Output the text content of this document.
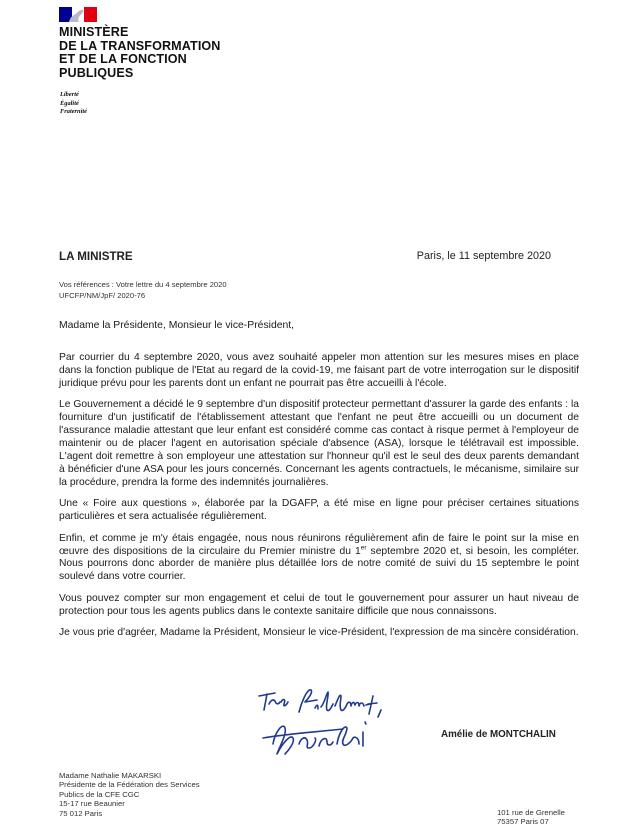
MINISTÈRE
DE LA TRANSFORMATION
ET DE LA FONCTION
PUBLIQUES
Liberté
Égalité
Fraternité
LA MINISTRE	Paris, le 11 septembre 2020
Vos références : Votre lettre du 4 septembre 2020
UFCFP/NM/JpF/ 2020-76
Madame la Présidente, Monsieur le vice-Président,

Par courrier du 4 septembre 2020, vous avez souhaité appeler mon attention sur les mesures mises en place dans la fonction publique de l'Etat au regard de la covid-19, me faisant part de votre interrogation sur le dispositif juridique prévu pour les parents dont un enfant ne pourrait pas être accueilli à l'école.

Le Gouvernement a décidé le 9 septembre d'un dispositif protecteur permettant d'assurer la garde des enfants : la fourniture d'un justificatif de l'établissement attestant que l'enfant ne peut être accueilli ou un document de l'assurance maladie attestant que leur enfant est considéré comme cas contact à risque permet à l'employeur de maintenir ou de placer l'agent en autorisation spéciale d'absence (ASA), lorsque le télétravail est impossible. L'agent doit remettre à son employeur une attestation sur l'honneur qu'il est le seul des deux parents demandant à bénéficier d'une ASA pour les jours concernés. Concernant les agents contractuels, le mécanisme, similaire sur la procédure, prendra la forme des indemnités journalières.

Une « Foire aux questions », élaborée par la DGAFP, a été mise en ligne pour préciser certaines situations particulières et sera actualisée régulièrement.

Enfin, et comme je m'y étais engagée, nous nous réunirons régulièrement afin de faire le point sur la mise en œuvre des dispositions de la circulaire du Premier ministre du 1er septembre 2020 et, si besoin, les compléter. Nous pourrons donc aborder de manière plus détaillée lors de notre comité de suivi du 15 septembre le point soulevé dans votre courrier.

Vous pouvez compter sur mon engagement et celui de tout le gouvernement pour assurer un haut niveau de protection pour tous les agents publics dans le contexte sanitaire difficile que nous connaissons.

Je vous prie d'agréer, Madame la Président, Monsieur le vice-Président, l'expression de ma sincère considération.

Amélie de MONTCHALIN
Madame Nathalie MAKARSKI
Présidente de la Fédération des Services
Publics de la CFE CGC
15-17 rue Beaunier
75 012 Paris	101 rue de Grenelle
75357 Paris 07
